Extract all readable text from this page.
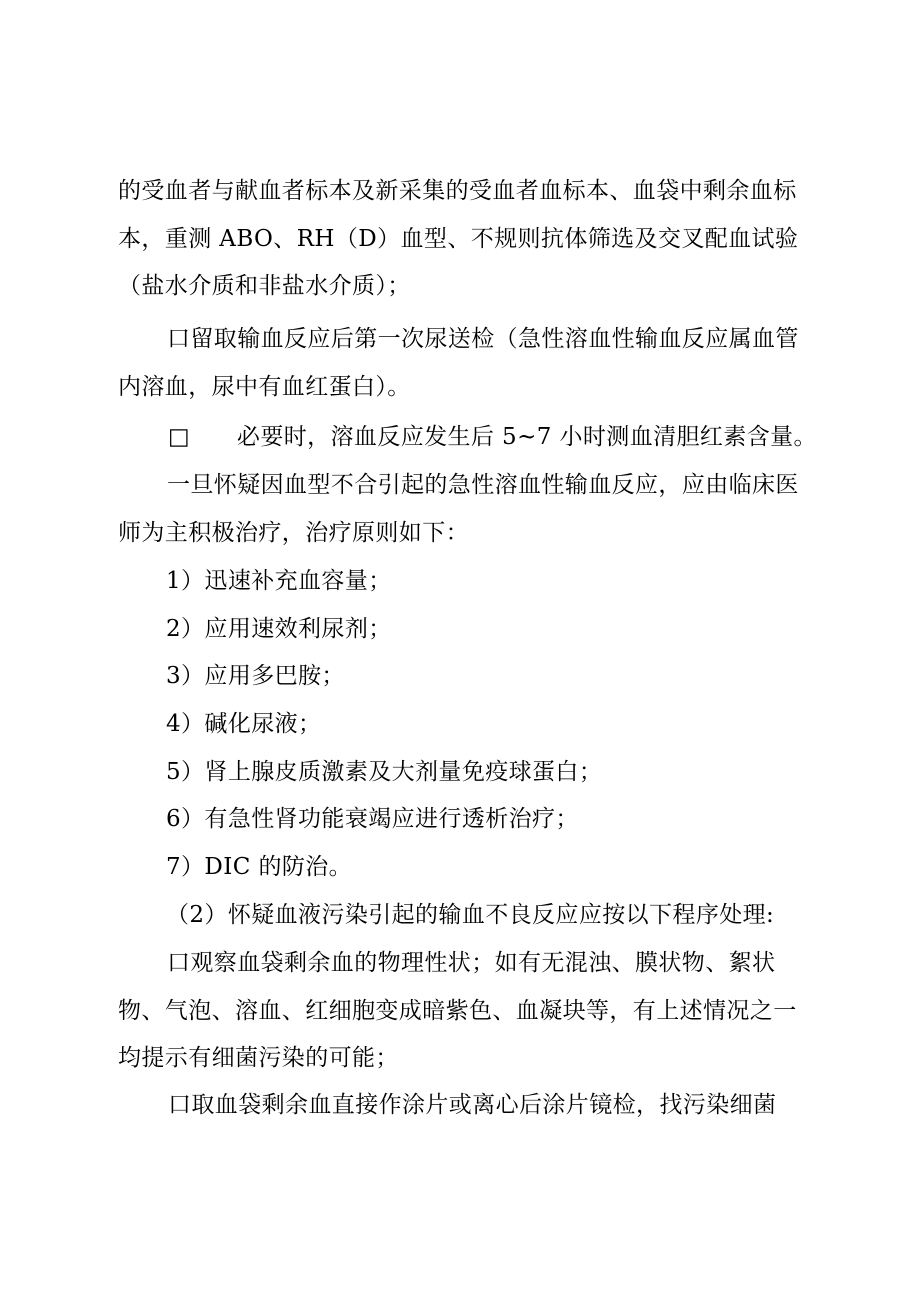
的受血者与献血者标本及新采集的受血者血标本、血袋中剩余血标本，重测 ABO、RH（D）血型、不规则抗体筛选及交叉配血试验（盐水介质和非盐水介质）；

口留取输血反应后第一次尿送检（急性溶血性输血反应属血管内溶血，尿中有血红蛋白）。

□　　必要时，溶血反应发生后 5~7 小时测血清胆红素含量。

一旦怀疑因血型不合引起的急性溶血性输血反应，应由临床医师为主积极治疗，治疗原则如下：

1）迅速补充血容量；

2）应用速效利尿剂；

3）应用多巴胺；

4）碱化尿液；

5）肾上腺皮质激素及大剂量免疫球蛋白；

6）有急性肾功能衰竭应进行透析治疗；

7）DIC 的防治。

（2）怀疑血液污染引起的输血不良反应应按以下程序处理:

口观察血袋剩余血的物理性状；如有无混浊、膜状物、絮状物、气泡、溶血、红细胞变成暗紫色、血凝块等，有上述情况之一均提示有细菌污染的可能；

口取血袋剩余血直接作涂片或离心后涂片镜检，找污染细菌
